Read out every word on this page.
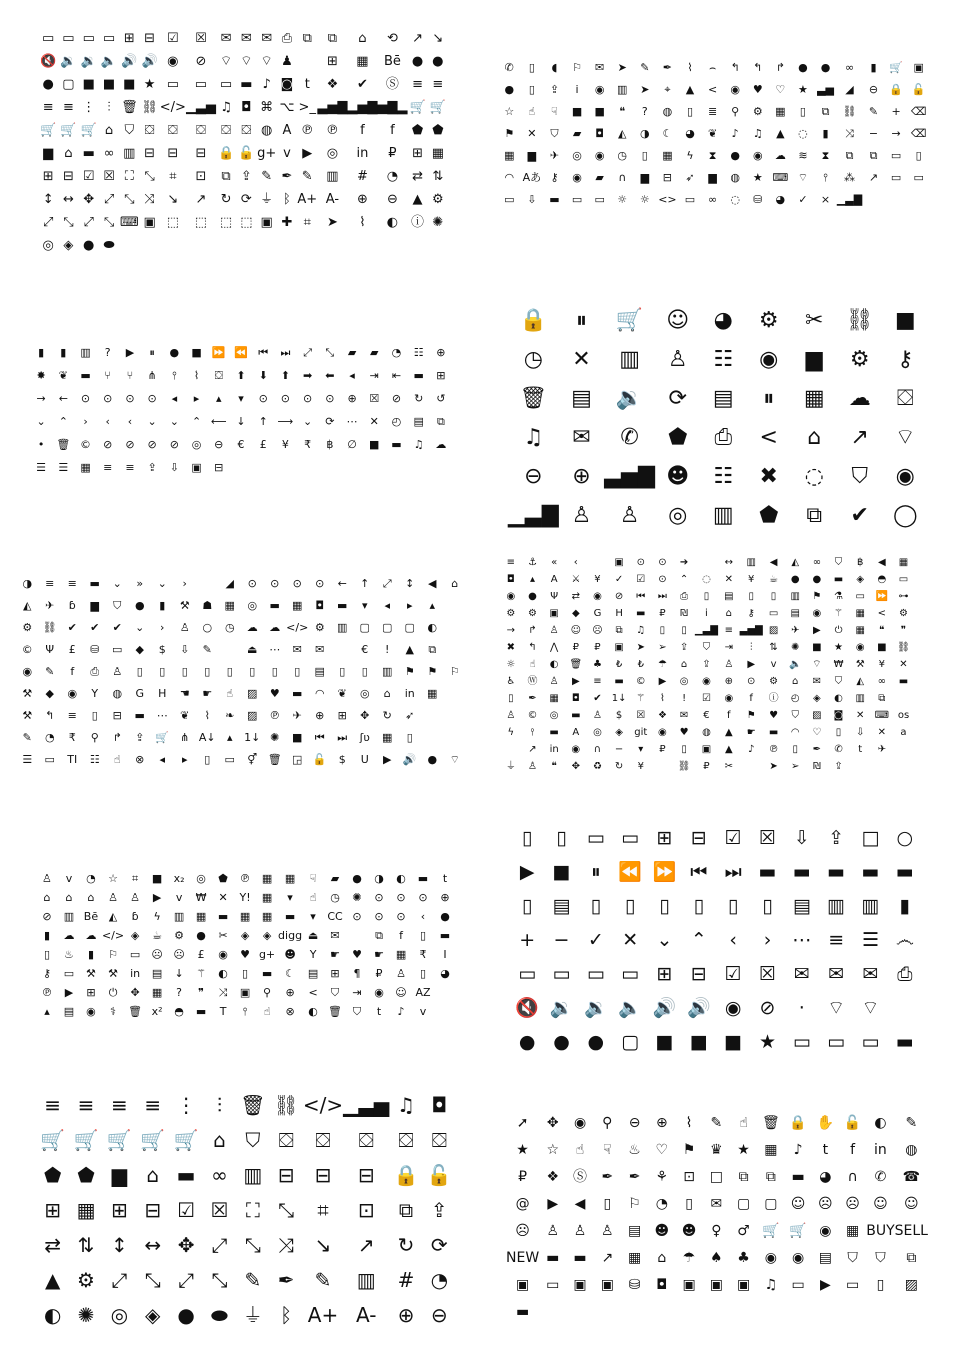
▭ ▭ ▭ ▭ ⊞ ⊟ ☑	☒	✉ ✉ ✉ ⎙ ⧉	⧉	⌂	⟲	↗ ↘
🔇 🔉 🔉 🔈 🔊 🔊 ◉	⊘	⌔ ⌔ ⌔ ♟	⊞	▦	Bē ● ●
● ▢ ■ ■ ■ ★ ▭	▭ ▭ ▬ ♪ ◙ t	❖	✔	Ⓢ	≡ ≡
≡ ≡ ⋮ ⫶ 🗑 ⛓ </> ▁▃▅ ♫ ◘ ⌘ ⌥ >_ ▃▅▇ ▂▅▇ ▅▇▂ 🛒 🛒
🛒 🛒 🛒 ⌂ ⛉ ⛋	⛋	⛋	⛋ ⛋ ◍ A ℗ ℗	f	f	⬟ ⬟
▆ ⌂ ▬ ∞ ▥ ⊟ ⊟	⊟ 🔒 🔓 g+ v ▶	◎	in	₽	⊞ ▦
⊞ ⊟ ☑ ☒ ⛶ ⤡	⌗	⊡	⧉ ⇪ ✎ ✒ ✎	▥	#	◔	⇄ ⇅
↕ ↔ ✥ ⤢ ⤡ ⤨ ↘	↗	↻ ⟳ ⏚ ᛒ A+ A-	⊕	⊖	▲ ⚙
⤢ ⤡ ⤢ ⤡ ⌨ ▣ ⬚	⬚ ⬚ ⬚ ▣ ✚ ⌗	➤	⌇	◐ ⓘ ✺
◎ ◈ ● ⬬
✆	▯	◖	⚐	✉	➤	✎	✒	⌇	⌢	↰	↰	↱	●	●	∞	▮	🛒 ▣
●	▯	⇪	i	◉	▥	➤	⌖	▲	<	◉	♥	♡	★ ▃▅	◢	⊖	🔒 🔓
☆	☝	☟	■	■	❝	?	◍	▯	≣	⚲	⚙	▦	▯	⧉	⛓	✎	+ ⌫
⚑	✕	⛉	▰	◘	◭	◑	☾	◕	❦	♪	♫	▲	◌	▮	⤨	−	→ ⌫
▦	▆	✈	◎	◉	◷	▯	▦	ϟ	⧗	●	◉	☁	≋	⧗	⧉	⧉	▭	▯
◠ Aあ ⚷	◉	▰	∩	▆	⊟	➶	▆	◍	★ ⌨ ⌔	⫯	⁂	↗	▭	▭
▭	⇩	▬	▭	▭	☼	☼ <> ▭	∞	◌	⛁	◕	✓	× ▁▃▇
▮	▮	▥	?	▶	⏸	●	■ ⏩ ⏪ ⏮	⏭	⤢	⤡	▰	▰	◔	☷	⊕
✸	❦	▬	⑂	⑂	⋔	⫯	⌇	⛋	⬆	⬇	⬆	➡	⬅	◂	⇥	⇤	▬	⊞
→	←	⊙	⊙	⊙	⊙	◂	▸	▴	▾	⊙	⊙	⊙	⊙	⊕	☒	⊘	↻	↺
⌄	⌃	›	‹	‹	⌄	⌄	⌃ ⟵ ↓	↑ ⟶ ⌄	⟳	⋯	✕	◴	▤	⧉
•	🗑 ©	⊘	⊘	⊘	⊘	◎	⊖	€	£	¥	₹	฿	∅	■	▬	♫	☁
☰	☰	▦	≡	≡	⇪	⇩	▣	⊟
🔒	⏸	🛒	☺	◕	⚙	✂	⛓ ■
◷	✕	▥	♙	☷	◉	▆	⚙	⚷
🗑	▤	🔉	⟳	▤	⏸	▦	☁	⛋
♫	✉	✆	⬟	⎙	<	⌂	↗	⌔
⊖	⊕ ▃▅▇ ☻	☷	✖	◌	⛉	◉
▁▃▇ ♙	♙	◎	▥	⬟	⧉	✔	◯
◑	≡	≡	▬	⌄	»	⌄	›	◢	⊙	⊙	⊙	⊙	←	↑	⤢	↕	◀	⌂
◭	✈	ɓ	▆	⛉	●	▮	⚒	☗	▦	◎	▬	▦	◘	▬	▾	◂	▸	▴
⚙ ⛓ ✔	✔	✔	⌄	›	♙	○	◷	☁	☁ </> ⚙	▥	▢	▢	▢	◐
©	Ψ	£	⛁	▭	◆	$	⇩	✎	⏏	⋯	✉	✉	€	!	▲	⧉
◉	✎	f	⎙	♙	▯	▯	▯	▯	▯	▯	▯	▯	▤	▯	▯	▥	⚑	⚑	⚐
⚒	◆	◉	Y	◍	G	H	☚	☛	☝	▨	♥	▬	◠	❦	◎	⌂	in	▦
⚒	↰	≡	▯	⊟	▬	⋯	❦	⌇	❧	▨	℗	✈	⊕	⊞	✥	↻	➶
✎	◔	₹	⚲	↱	⇪	🛒	⋔ A↓	▴	1↓ ✺	■	⏮	⏭	ʃʋ	▦	▯
☰	▭	TI	☷	☝	⊗	◂	▸	▯	▭	⚥ 🗑 ◲ 🔓	$	U	▶	🔊 ●	⌔
≡	⚓	«	‹	▣	⊙	⊙	➔	↔	▥	◀	◭	∞	⛉	฿	◀	▦
◘	▴	A	⚔	¥	✓	☑	⊙	⌃	◌	✕	¥	☕	●	●	▬	◈	◓	▭
◉	●	Ψ	⇄	◉	⊘	⏮	⏭	⎙	▯	▤	▯	▯	▥	⚑	⚗	▭	⏩	⊶
⚙	⚙	▣	◆	G	H	▬	₽	₪	i	⌂	⚷	▭	▤	◉	⚚	▦	<	⚙
→	↱	♙	☺	☹	⧉	♫	▯	▯ ▁▃▇ ≡ ▃▅▇ ▨	✈	▶	⏻	▦	❝	❞
✖	↰	⋀	₽	₽	▣	➤	➢	⇪	⛉	⇥	⫶	⇅	✺	■	★	◉	■	⛓
☼	☝	◐	🗑	♣	₺	₺	☂	⌂	⇪	♙	▶	v	🔈	⌔	₩	⚒	¥	✕
♿	Ⓦ	♙	▶	≡	▬	©	▶	◎	◉	⊕	⊙	⚙	⌂	✉	⛉	◭	∞	▬
▯	✒	▦	◘	✔	1↓ ⚚	⌇	!	☑	◉	f	ⓘ	◴	◈	◐	▥	⧉
♙	©	◎	▬	♙	$	☒	❖	✉	€	f	⚑	♥	⛉	▨	◙	✕	⌨ os
ϟ	⫯	▬	A	◎	◈	git	◉	♥	◍	▲	☛	▬	◠	♡	▯	⇩	✕	a
↗	in	◉	∩	−	▾	₽	▯	▣	▲	♪	℗	▯	✒	✆	t	✈
⏚	♙	❝	✥	♻	↻	¥	⛓	₽	✂	➤	➢	₪	⇪
♙	v	◔	☆	⌗	■	x₂	◎	⬟	℗	▦	▦	☟	▰	●	◑	◐	▬	t
⌂	⌂	⌂	♙	♙	▶	v	₩	✕	Y!	▦	▾	☝	◷	✺	⊙	⊙	⊙	⊕
⊘	▥ Bē ◭	ɓ	ϟ	▥	▦	▬	▦	▦	▬	▾	CC ⊙	⊙	⊙	‹	●
▮	☁	☁ </> ◈	☕	⚙	●	✂	◈	◈ digg ⏏	✉	⧉	f	▯	▬
▯	♨	▮	⚐	▭	☹ ☹	£	◉	♥ g+ ☻	Y	☛	♥	☛	▦	₹	I
⚷	▭	⚒	⚒	in	▤	↓	⚚	◐	▯	▬	☾	▤	⊞	¶	₽	♙	▯	◕
℗	▶	⊞	⏻	✥	▦	?	❞	⤨	▣	⚲	⊕	<	⛉	⇥	◉	☺ AZ
▴	▤	◉	⚕	🗑 x²	◓	▬	T	⫯	☝	⊗	◐ 🗑 ⛉	t	♪	v
▯	▯	▭ ▭ ⊞ ⊟ ☑ ☒ ⇩ ⇪ □ ○
▶ ■	⏸ ⏪ ⏩ ⏮ ⏭ ▬ ▬ ▬ ▬ ▬
▯	▤	▯	▯	▯	▯	▯	▯	▤ ▥ ▥	▮
+ − ✓ ✕ ⌄ ⌃	‹	›	⋯ ≡ ☰ ෴
▭ ▭ ▭ ▭ ⊞ ⊟ ☑ ☒ ✉ ✉ ✉ ⎙
🔇 🔉 🔉 🔈 🔊 🔊 ◉ ⊘	·	⌔ ⌔
● ● ● ▢ ■ ■ ■ ★ ▭ ▭ ▭ ▬
≡ ≡ ≡ ≡ ⋮	⫶ 🗑 ⛓ </> ▁▃▅ ♫ ◘
🛒 🛒 🛒 🛒 🛒 ⌂ ⛉ ⛋	⛋	⛋	⛋ ⛋
⬟ ⬟ ▆ ⌂ ▬ ∞ ▥ ⊟	⊟	⊟ 🔒 🔓
⊞ ▦ ⊞ ⊟ ☑ ☒ ⛶ ⤡	⌗	⊡	⧉ ⇪
⇄ ⇅ ↕ ↔ ✥ ⤢ ⤡ ⤨	↘	↗	↻ ⟳
▲ ⚙ ⤢ ⤡ ⤢ ⤡ ✎ ✒	✎	▥	# ◔
◐ ✺ ◎ ◈ ● ⬬ ⏚ ᛒ A+ A-	⊕ ⊖
➚	✥	◉	⚲	⊖	⊕	⌇	✎	☝	🗑 🔒 ✋ 🔓 ◐	✎
★	☆	☝	☟	♨	♡	⚑	♛	★	▦	♪	t	f	in	◍
₽	❖ Ⓢ	✒	✒	⚘	⊡	□	⧉	⧉	▬	◕	∩	✆	☎
@	▶	◀	▯	⚐	◔	▯	✉	▢	▢ ☺ ☹ ☹ ☺	☺
☹	♙	♙	♙	▤ ☻ ☻	♀	♂ 🛒 🛒 ◉	▦ BUY SELL
NEW ▬	▬	↗	▦	⌂	☂	♠	♣	◉	◉	▤	⛉	⛉	⧉
▣	▭	▣	▣	⛁	◘	▣	▣	▣	♫	▭	▶	▭	▯	▨
▬
